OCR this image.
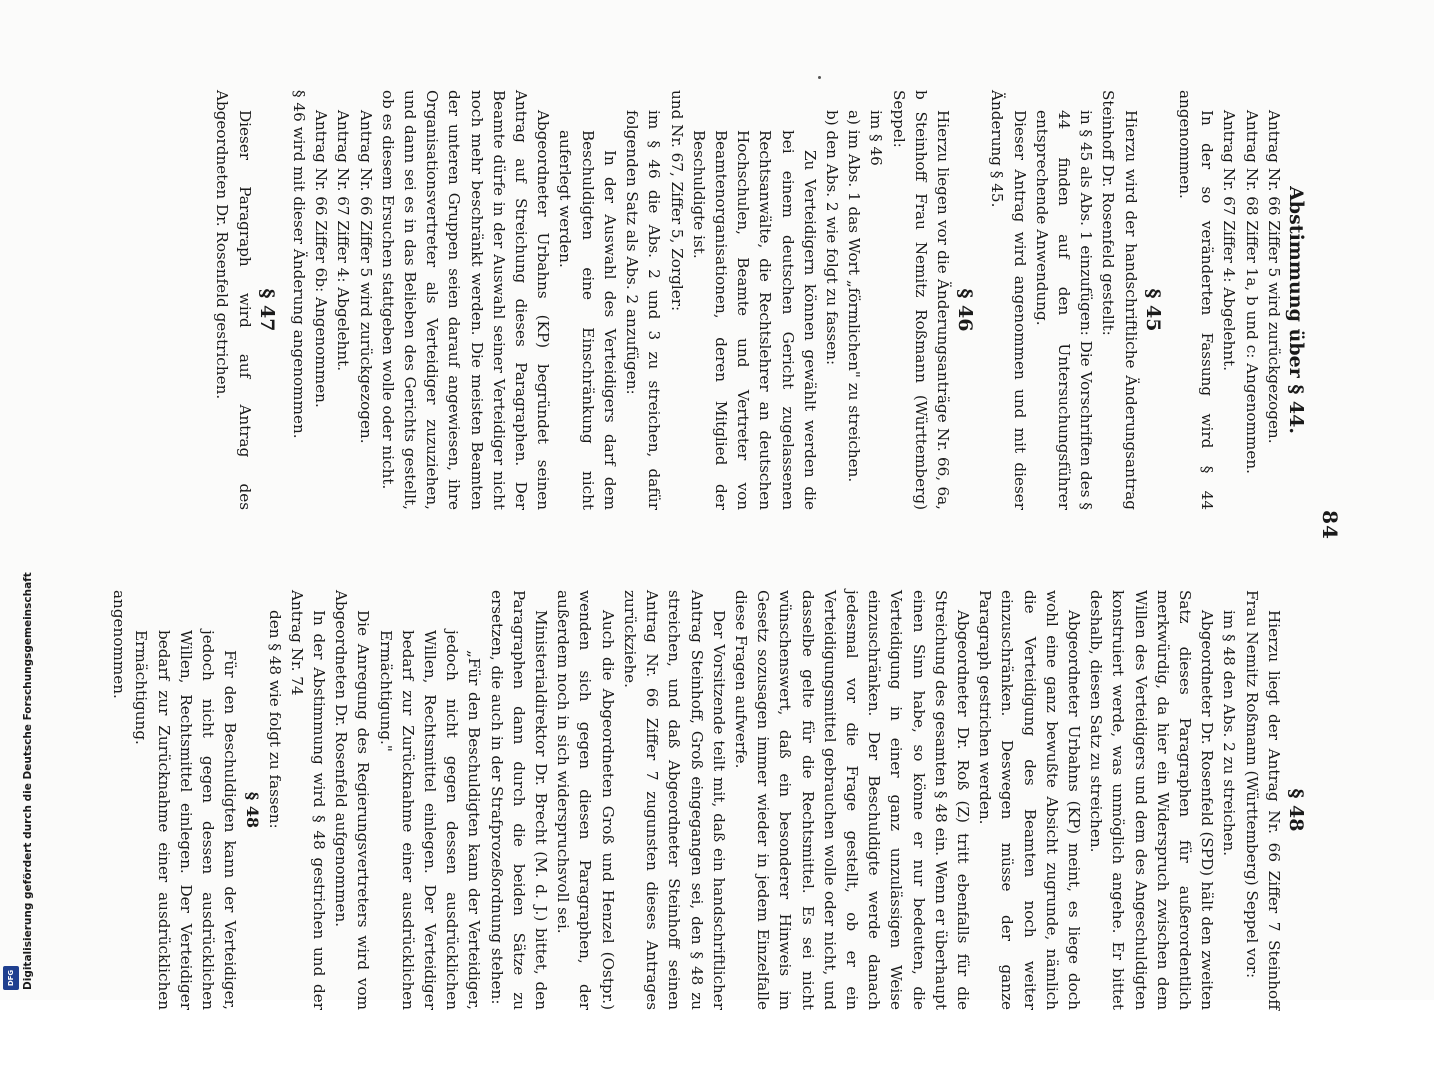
84

Abstimmung über § 44.

Antrag Nr. 66 Ziffer 5 wird zurückgezogen.

Antrag Nr. 68 Ziffer 1a, b und c: Angenommen.

Antrag Nr. 67 Ziffer 4: Abgelehnt.

In der so veränderten Fassung wird § 44 angenommen.

§ 45

Hierzu wird der handschriftliche Änderungsantrag Steinhoff Dr. Rosenfeld gestellt:

in § 45 als Abs. 1 einzufügen: Die Vorschriften des § 44 finden auf den Untersuchungsführer entsprechende Anwendung.

Dieser Antrag wird angenommen und mit dieser Änderung § 45.

§ 46

Hierzu liegen vor die Änderungsanträge Nr. 66, 6a, b Steinhoff Frau Nemitz Roßmann (Württemberg) Seppel:

im § 46

a) im Abs. 1 das Wort „förmlichen" zu streichen.

b) den Abs. 2 wie folgt zu fassen:

Zu Verteidigern können gewählt werden die bei einem deutschen Gericht zugelassenen Rechtsanwälte, die Rechtslehrer an deutschen Hochschulen, Beamte und Vertreter von Beamtenorganisationen, deren Mitglied der Beschuldigte ist.

und Nr. 67, Ziffer 5, Zorgler:

im § 46 die Abs. 2 und 3 zu streichen, dafür folgenden Satz als Abs. 2 anzufügen:

In der Auswahl des Verteidigers darf dem Beschuldigten eine Einschränkung nicht auferlegt werden.

Abgeordneter Urbahns (KP) begründet seinen Antrag auf Streichung dieses Paragraphen. Der Beamte dürfe in der Auswahl seiner Verteidiger nicht noch mehr beschränkt werden. Die meisten Beamten der unteren Gruppen seien darauf angewiesen, ihre Organisationsvertreter als Verteidiger zuzuziehen, und dann sei es in das Belieben des Gerichts gestellt, ob es diesem Ersuchen stattgeben wolle oder nicht.

Antrag Nr. 66 Ziffer 5 wird zurückgezogen.

Antrag Nr. 67 Ziffer 4: Abgelehnt.

Antrag Nr. 66 Ziffer 6b: Angenommen.

§ 46 wird mit dieser Änderung angenommen.

§ 47

Dieser Paragraph wird auf Antrag des Abgeordneten Dr. Rosenfeld gestrichen.

§ 48

Hierzu liegt der Antrag Nr. 66 Ziffer 7 Steinhoff Frau Nemitz Roßmann (Württemberg) Seppel vor:

im § 48 den Abs. 2 zu streichen.

Abgeordneter Dr. Rosenfeld (SPD) hält den zweiten Satz dieses Paragraphen für außerordentlich merkwürdig, da hier ein Widerspruch zwischen dem Willen des Verteidigers und dem des Angeschuldigten konstruiert werde, was unmöglich angehe. Er bittet deshalb, diesen Satz zu streichen.

Abgeordneter Urbahns (KP) meint, es liege doch wohl eine ganz bewußte Absicht zugrunde, nämlich die Verteidigung des Beamten noch weiter einzuschränken. Deswegen müsse der ganze Paragraph gestrichen werden.

Abgeordneter Dr. Roß (Z) tritt ebenfalls für die Streichung des gesamten § 48 ein. Wenn er überhaupt einen Sinn habe, so könne er nur bedeuten, die Verteidigung in einer ganz unzulässigen Weise einzuschränken. Der Beschuldigte werde danach jedesmal vor die Frage gestellt, ob er ein Verteidigungsmittel gebrauchen wolle oder nicht, und dasselbe gelte für die Rechtsmittel. Es sei nicht wünschenswert, daß ein besonderer Hinweis im Gesetz sozusagen immer wieder in jedem Einzelfalle diese Fragen aufwerfe.

Der Vorsitzende teilt mit, daß ein handschriftlicher Antrag Steinhoff, Groß eingegangen sei, den § 48 zu streichen, und daß Abgeordneter Steinhoff seinen Antrag Nr. 66 Ziffer 7 zugunsten dieses Antrages zurückziehe.

Auch die Abgeordneten Groß und Henzel (Ostpr.) wenden sich gegen diesen Paragraphen, der außerdem noch in sich widerspruchsvoll sei.

Ministerialdirektor Dr. Brecht (M. d. J.) bittet, den Paragraphen dann durch die beiden Sätze zu ersetzen, die auch in der Strafprozeßordnung stehen:

„Für den Beschuldigten kann der Verteidiger, jedoch nicht gegen dessen ausdrücklichen Willen, Rechtsmittel einlegen. Der Verteidiger bedarf zur Zurücknahme einer ausdrücklichen Ermächtigung."

Die Anregung des Regierungsvertreters wird vom Abgeordneten Dr. Rosenfeld aufgenommen.

In der Abstimmung wird § 48 gestrichen und der Antrag Nr. 74

den § 48 wie folgt zu fassen:

§ 48

Für den Beschuldigten kann der Verteidiger, jedoch nicht gegen dessen ausdrücklichen Willen, Rechtsmittel einlegen. Der Verteidiger bedarf zur Zurücknahme einer ausdrücklichen Ermächtigung.

angenommen.

Digitalisierung gefördert durch die Deutsche Forschungsgemeinschaft
DFG
